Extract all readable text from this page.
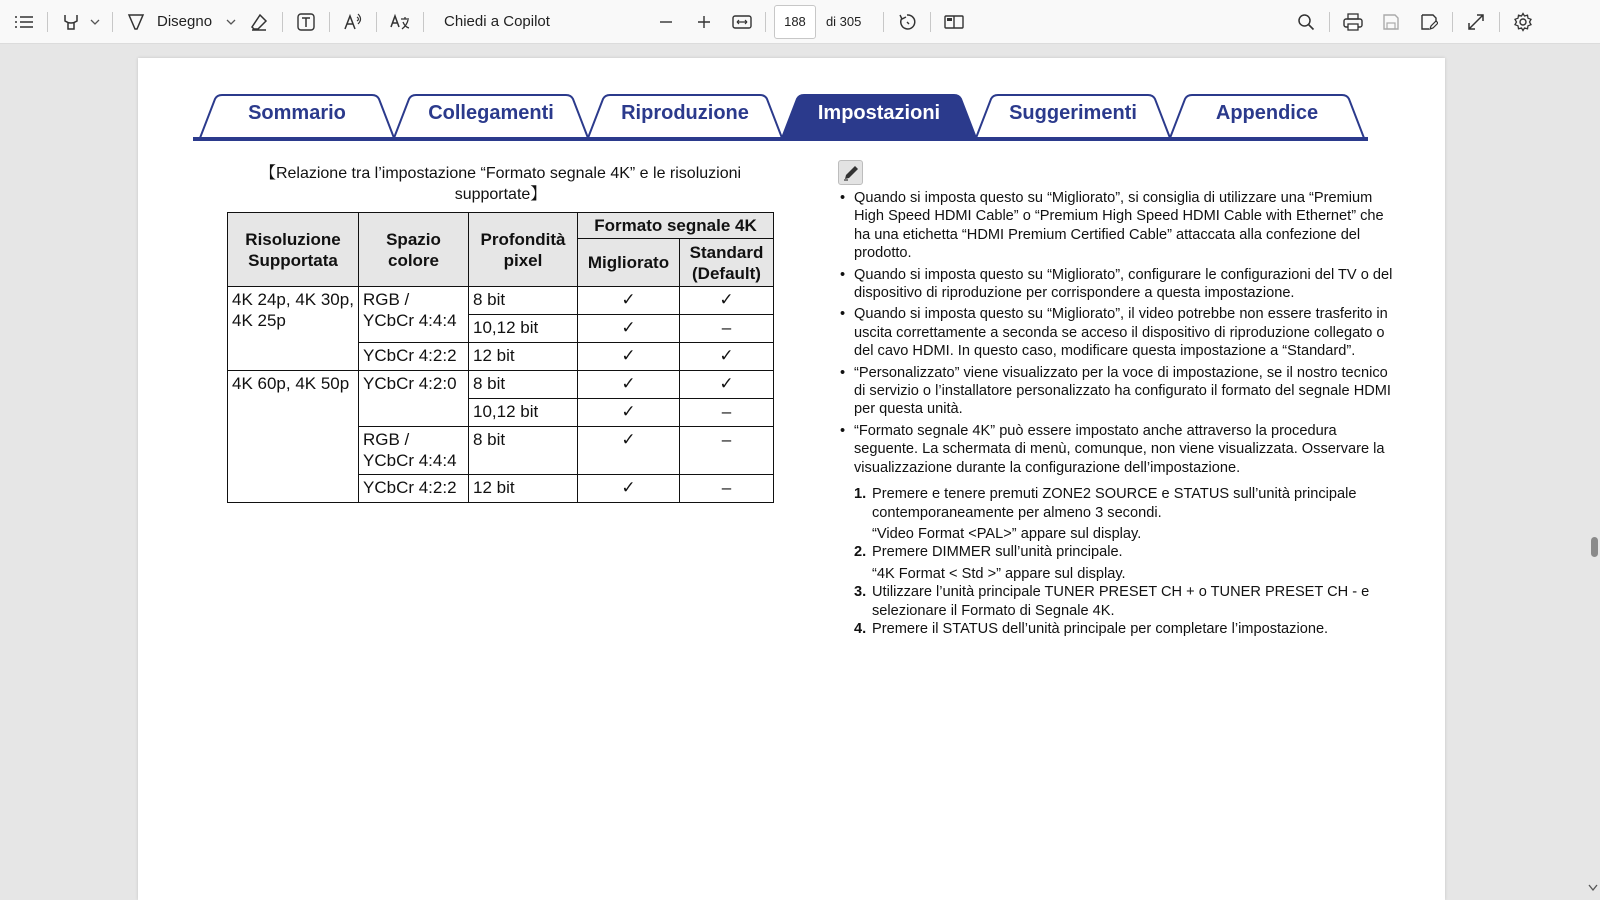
Disegno	Chiedi a Copilot	188	di 305
Sommario	Collegamenti	Riproduzione	Impostazioni	Suggerimenti	Appendice
【Relazione tra l’impostazione “Formato segnale 4K” e le risoluzioni supportate】
Risoluzione Supportata	Spazio colore	Profondità pixel	Formato segnale 4K	
			Migliorato	Standard (Default)
4K 24p, 4K 30p, 4K 25p	RGB / YCbCr 4:4:4	8 bit	✓	✓
		10,12 bit	✓	–
	YCbCr 4:2:2	12 bit	✓	✓
4K 60p, 4K 50p	YCbCr 4:2:0	8 bit	✓	✓
		10,12 bit	✓	–
	RGB / YCbCr 4:4:4	8 bit	✓	–
	YCbCr 4:2:2	12 bit	✓	–
• Quando si imposta questo su “Migliorato”, si consiglia di utilizzare una “Premium High Speed HDMI Cable” o “Premium High Speed HDMI Cable with Ethernet” che ha una etichetta “HDMI Premium Certified Cable” attaccata alla confezione del prodotto.
• Quando si imposta questo su “Migliorato”, configurare le configurazioni del TV o del dispositivo di riproduzione per corrispondere a questa impostazione.
• Quando si imposta questo su “Migliorato”, il video potrebbe non essere trasferito in uscita correttamente a seconda se acceso il dispositivo di riproduzione collegato o del cavo HDMI. In questo caso, modificare questa impostazione a “Standard”.
• “Personalizzato” viene visualizzato per la voce di impostazione, se il nostro tecnico di servizio o l’installatore personalizzato ha configurato il formato del segnale HDMI per questa unità.
• “Formato segnale 4K” può essere impostato anche attraverso la procedura seguente. La schermata di menù, comunque, non viene visualizzata. Osservare la visualizzazione durante la configurazione dell’impostazione.
1. Premere e tenere premuti ZONE2 SOURCE e STATUS sull’unità principale contemporaneamente per almeno 3 secondi.
“Video Format <PAL>” appare sul display.
2. Premere DIMMER sull’unità principale.
“4K Format < Std >” appare sul display.
3. Utilizzare l’unità principale TUNER PRESET CH + o TUNER PRESET CH - e selezionare il Formato di Segnale 4K.
4. Premere il STATUS dell’unità principale per completare l’impostazione.
